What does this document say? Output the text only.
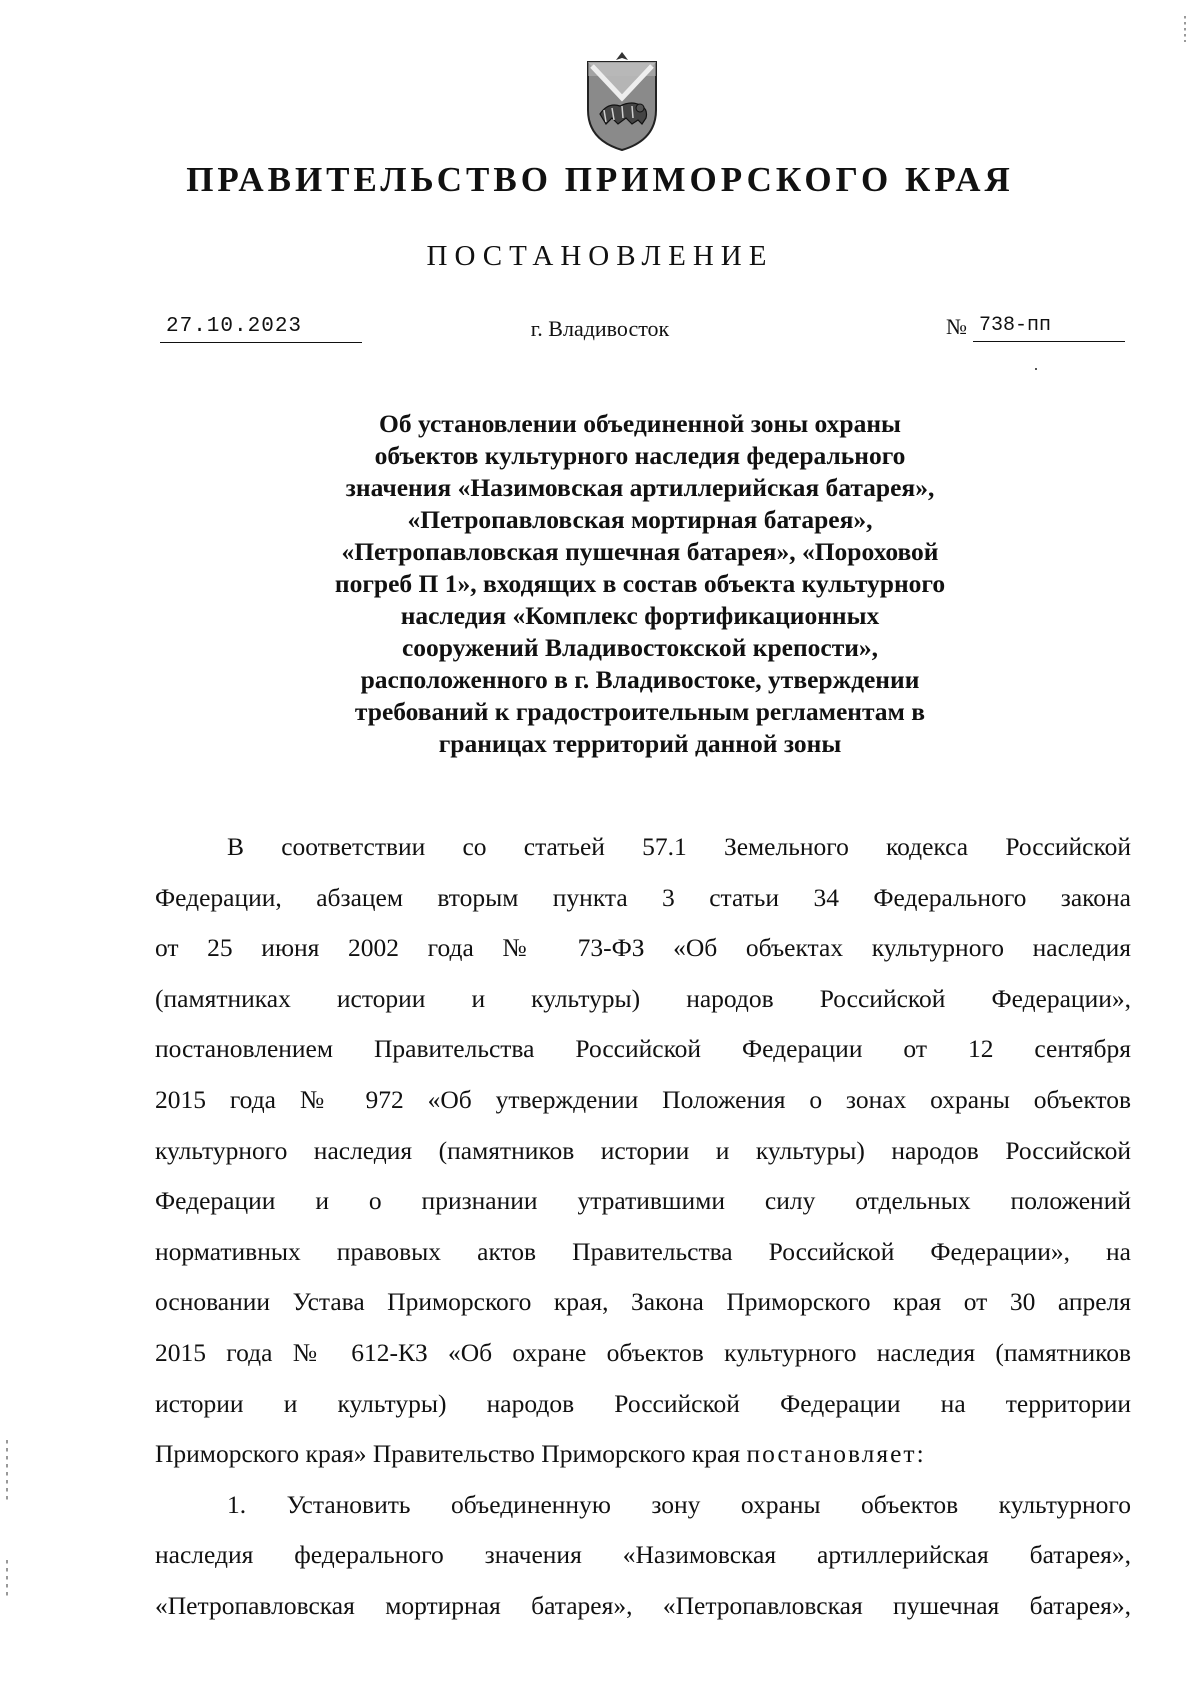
ПРАВИТЕЛЬСТВО ПРИМОРСКОГО КРАЯ
ПОСТАНОВЛЕНИЕ
27.10.2023	г. Владивосток	№ 738-пп
Об установлении объединенной зоны охраны
объектов культурного наследия федерального
значения «Назимовская артиллерийская батарея»,
«Петропавловская мортирная батарея»,
«Петропавловская пушечная батарея», «Пороховой
погреб П 1», входящих в состав объекта культурного
наследия «Комплекс фортификационных
сооружений Владивостокской крепости»,
расположенного в г. Владивостоке, утверждении
требований к градостроительным регламентам в
границах территорий данной зоны
В соответствии со статьей 57.1 Земельного кодекса Российской
Федерации, абзацем вторым пункта 3 статьи 34 Федерального закона
от 25 июня 2002 года № 73-ФЗ «Об объектах культурного наследия
(памятниках истории и культуры) народов Российской Федерации»,
постановлением Правительства Российской Федерации от 12 сентября
2015 года № 972 «Об утверждении Положения о зонах охраны объектов
культурного наследия (памятников истории и культуры) народов Российской
Федерации и о признании утратившими силу отдельных положений
нормативных правовых актов Правительства Российской Федерации», на
основании Устава Приморского края, Закона Приморского края от 30 апреля
2015 года № 612-КЗ «Об охране объектов культурного наследия (памятников
истории и культуры) народов Российской Федерации на территории
Приморского края» Правительство Приморского края постановляет:
1. Установить объединенную зону охраны объектов культурного
наследия федерального значения «Назимовская артиллерийская батарея»,
«Петропавловская мортирная батарея», «Петропавловская пушечная батарея»,
